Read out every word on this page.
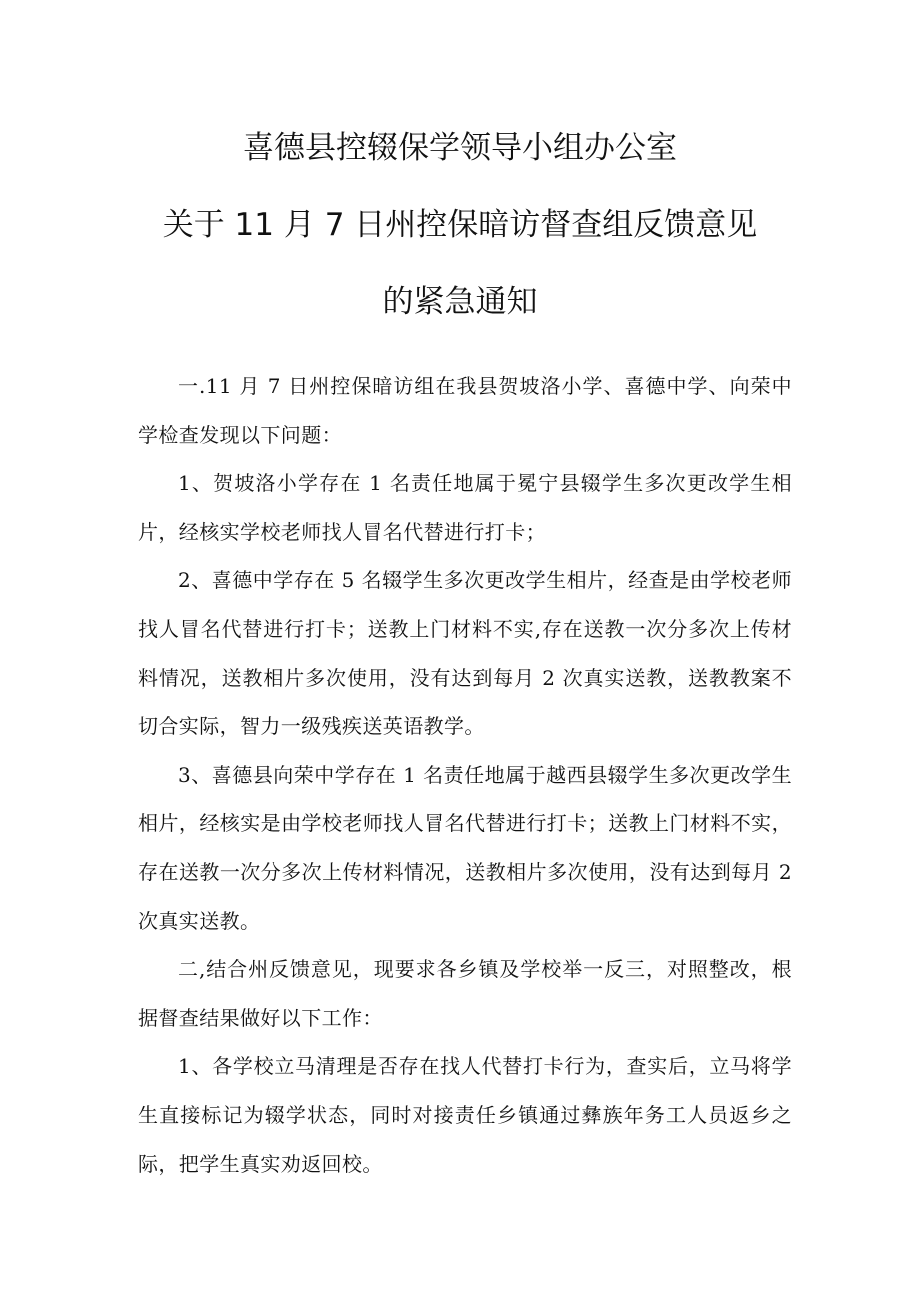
喜德县控辍保学领导小组办公室
关于 11 月 7 日州控保暗访督查组反馈意见
的紧急通知

一.11 月 7 日州控保暗访组在我县贺坡洛小学、喜德中学、向荣中学检查发现以下问题：

1、贺坡洛小学存在 1 名责任地属于冕宁县辍学生多次更改学生相片，经核实学校老师找人冒名代替进行打卡；

2、喜德中学存在 5 名辍学生多次更改学生相片，经查是由学校老师找人冒名代替进行打卡；送教上门材料不实,存在送教一次分多次上传材料情况，送教相片多次使用，没有达到每月 2 次真实送教，送教教案不切合实际，智力一级残疾送英语教学。

3、喜德县向荣中学存在 1 名责任地属于越西县辍学生多次更改学生相片，经核实是由学校老师找人冒名代替进行打卡；送教上门材料不实，存在送教一次分多次上传材料情况，送教相片多次使用，没有达到每月 2 次真实送教。

二,结合州反馈意见，现要求各乡镇及学校举一反三，对照整改，根据督查结果做好以下工作：

1、各学校立马清理是否存在找人代替打卡行为，查实后，立马将学生直接标记为辍学状态，同时对接责任乡镇通过彝族年务工人员返乡之际，把学生真实劝返回校。
